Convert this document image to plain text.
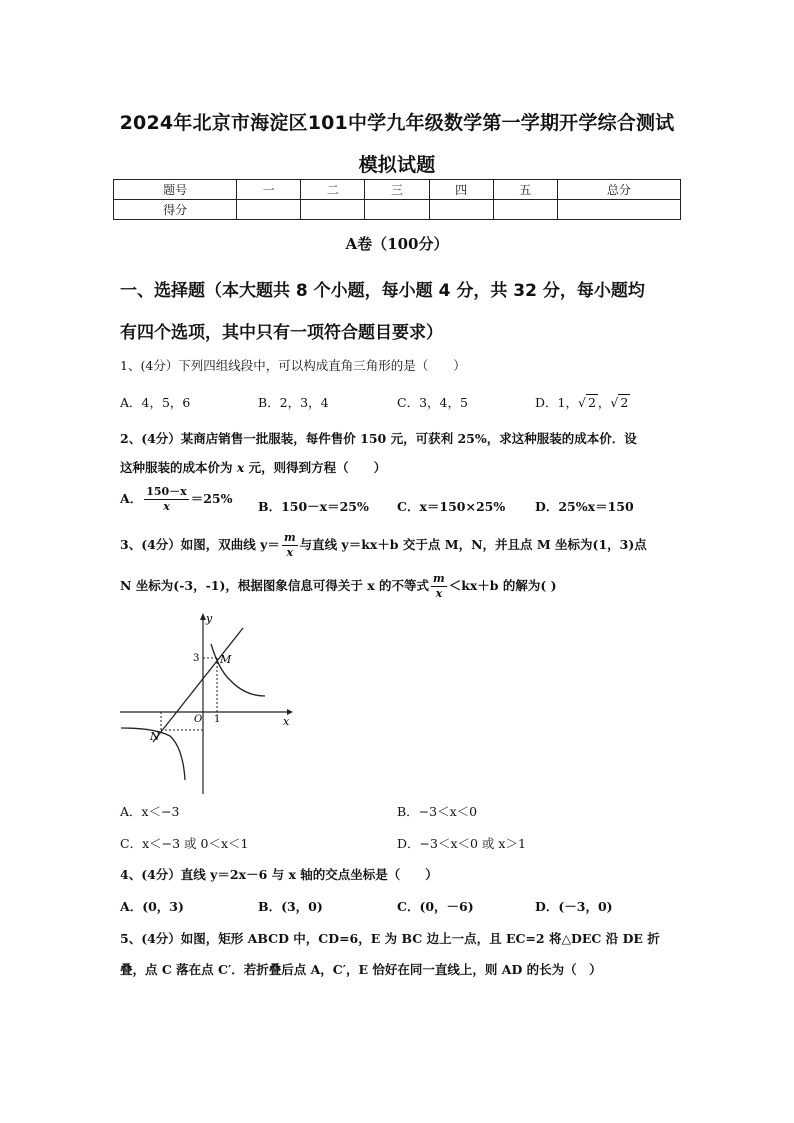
2024年北京市海淀区101中学九年级数学第一学期开学综合测试
模拟试题
题号	一	二	三	四	五	总分
得分						
A卷（100分）
一、选择题（本大题共 8 个小题，每小题 4 分，共 32 分，每小题均
有四个选项，其中只有一项符合题目要求）
1、(4分）下列四组线段中，可以构成直角三角形的是（　　）
A．4，5，6	B．2，3，4	C．3，4，5	D．1，√ 2 ，√ 2
2、(4分）某商店销售一批服装，每件售价 150 元，可获利 25%，求这种服装的成本价．设
这种服装的成本价为 x 元，则得到方程（　　）
A． $\frac{150-x}{x} =25\%$
B．150－x＝25% C．x＝150×25% D．25%x＝150
3、(4分）如图，双曲线 $y= \frac{m}{x}$ 与直线 y＝kx＋b 交于点 M，N，并且点 M 坐标为(1，3)点
N 坐标为(-3，-1)，根据图象信息可得关于 x 的不等式 $\frac{m}{x} <kx+b$ 的解为( )
y
x
O 1
3 M
N
A．x＜−3	B．−3＜x＜0
C．x＜−3 或 0＜x＜1	D．−3＜x＜0 或 x＞1
4、(4分）直线 y＝2x－6 与 x 轴的交点坐标是（　　）
A．(0，3)	B．(3，0)	C．(0，－6)	D．(－3，0)
5、(4分）如图，矩形 ABCD 中，CD=6，E 为 BC 边上一点，且 EC=2 将△DEC 沿 DE 折
叠，点 C 落在点 C′．若折叠后点 A，C′，E 恰好在同一直线上，则 AD 的长为（　）
